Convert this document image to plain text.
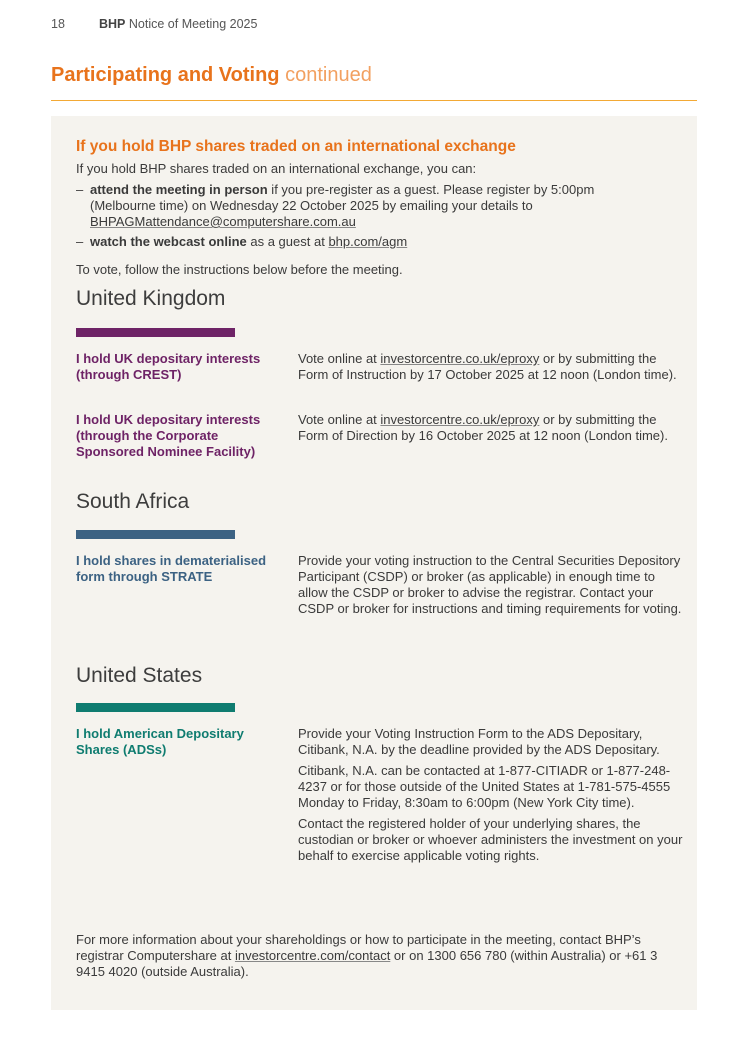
18	BHP Notice of Meeting 2025
Participating and Voting continued
If you hold BHP shares traded on an international exchange
If you hold BHP shares traded on an international exchange, you can:
– attend the meeting in person if you pre-register as a guest. Please register by 5:00pm (Melbourne time) on Wednesday 22 October 2025 by emailing your details to BHPAGMattendance@computershare.com.au
– watch the webcast online as a guest at bhp.com/agm
To vote, follow the instructions below before the meeting.
United Kingdom
I hold UK depositary interests (through CREST)
Vote online at investorcentre.co.uk/eproxy or by submitting the Form of Instruction by 17 October 2025 at 12 noon (London time).
I hold UK depositary interests (through the Corporate Sponsored Nominee Facility)
Vote online at investorcentre.co.uk/eproxy or by submitting the Form of Direction by 16 October 2025 at 12 noon (London time).
South Africa
I hold shares in dematerialised form through STRATE
Provide your voting instruction to the Central Securities Depository Participant (CSDP) or broker (as applicable) in enough time to allow the CSDP or broker to advise the registrar. Contact your CSDP or broker for instructions and timing requirements for voting.
United States
I hold American Depositary Shares (ADSs)

Provide your Voting Instruction Form to the ADS Depositary, Citibank, N.A. by the deadline provided by the ADS Depositary.

Citibank, N.A. can be contacted at 1-877-CITIADR or 1-877-248-4237 or for those outside of the United States at 1-781-575-4555 Monday to Friday, 8:30am to 6:00pm (New York City time).

Contact the registered holder of your underlying shares, the custodian or broker or whoever administers the investment on your behalf to exercise applicable voting rights.

For more information about your shareholdings or how to participate in the meeting, contact BHP’s registrar Computershare at investorcentre.com/contact or on 1300 656 780 (within Australia) or +61 3 9415 4020 (outside Australia).
